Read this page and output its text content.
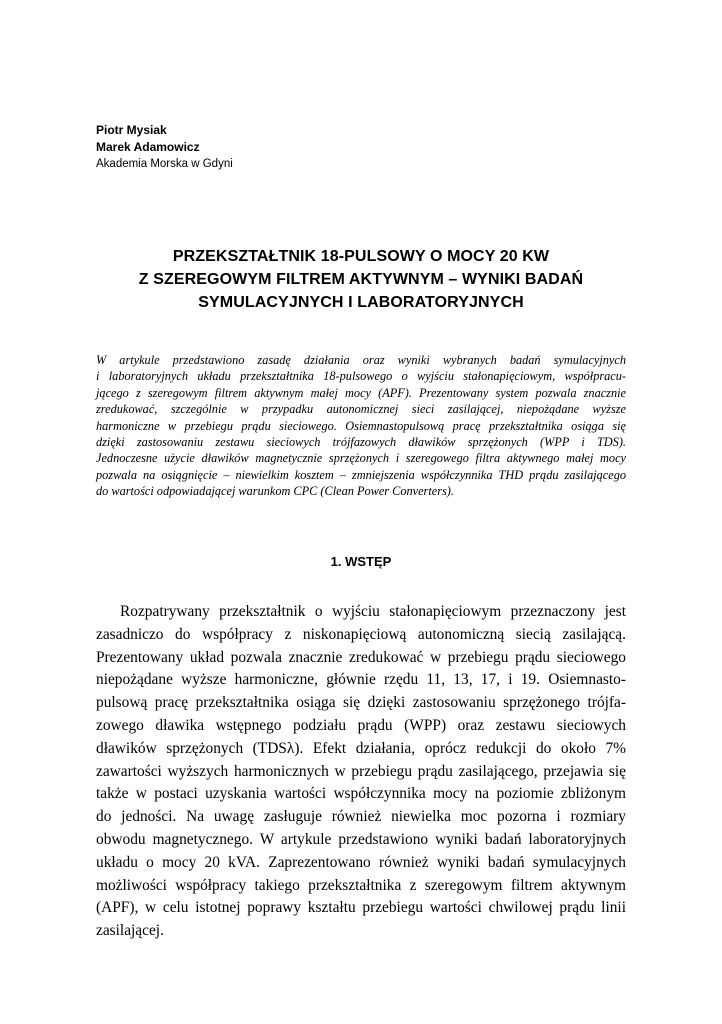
Piotr Mysiak
Marek Adamowicz
Akademia Morska w Gdyni
PRZEKSZTAŁTNIK 18-PULSOWY O MOCY 20 KW
Z SZEREGOWYM FILTREM AKTYWNYM – WYNIKI BADAŃ
SYMULACYJNYCH I LABORATORYJNYCH
W artykule przedstawiono zasadę działania oraz wyniki wybranych badań symulacyjnych
i laboratoryjnych układu przekształtnika 18-pulsowego o wyjściu stałonapięciowym, współpracu-
jącego z szeregowym filtrem aktywnym małej mocy (APF). Prezentowany system pozwala znacznie
zredukować, szczególnie w przypadku autonomicznej sieci zasilającej, niepożądane wyższe
harmoniczne w przebiegu prądu sieciowego. Osiemnastopulsową pracę przekształtnika osiąga się
dzięki zastosowaniu zestawu sieciowych trójfazowych dławików sprzężonych (WPP i TDS).
Jednoczesne użycie dławików magnetycznie sprzężonych i szeregowego filtra aktywnego małej mocy
pozwala na osiągnięcie – niewielkim kosztem – zmniejszenia współczynnika THD prądu zasilającego
do wartości odpowiadającej warunkom CPC (Clean Power Converters).
1. WSTĘP
Rozpatrywany przekształtnik o wyjściu stałonapięciowym przeznaczony jest
zasadniczo do współpracy z niskonapięciową autonomiczną siecią zasilającą.
Prezentowany układ pozwala znacznie zredukować w przebiegu prądu sieciowego
niepożądane wyższe harmoniczne, głównie rzędu 11, 13, 17, i 19. Osiemnasto-
pulsową pracę przekształtnika osiąga się dzięki zastosowaniu sprzężonego trójfa-
zowego dławika wstępnego podziału prądu (WPP) oraz zestawu sieciowych
dławików sprzężonych (TDSλ). Efekt działania, oprócz redukcji do około 7%
zawartości wyższych harmonicznych w przebiegu prądu zasilającego, przejawia się
także w postaci uzyskania wartości współczynnika mocy na poziomie zbliżonym
do jedności. Na uwagę zasługuje również niewielka moc pozorna i rozmiary
obwodu magnetycznego. W artykule przedstawiono wyniki badań laboratoryjnych
układu o mocy 20 kVA. Zaprezentowano również wyniki badań symulacyjnych
możliwości współpracy takiego przekształtnika z szeregowym filtrem aktywnym
(APF), w celu istotnej poprawy kształtu przebiegu wartości chwilowej prądu linii
zasilającej.
